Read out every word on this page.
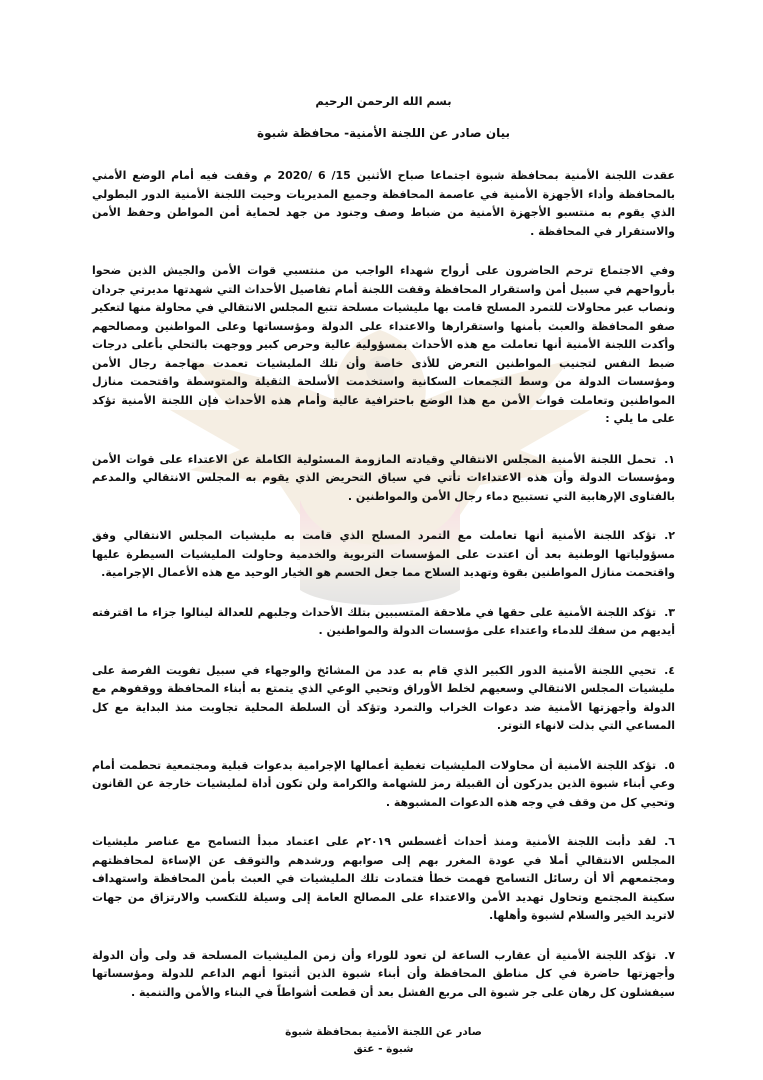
بسم الله الرحمن الرحيم

بيان صادر عن اللجنة الأمنية- محافظة شبوة

عقدت اللجنة الأمنية بمحافظة شبوة اجتماعا صباح الأثنين 15/ 6 /2020 م وقفت فيه أمام الوضع الأمني بالمحافظة وأداء الأجهزة الأمنية في عاصمة المحافظة وجميع المديريات وحيت اللجنة الأمنية الدور البطولي الذي يقوم به منتسبو الأجهزة الأمنية من ضباط وصف وجنود من جهد لحماية أمن المواطن وحفظ الأمن والاستقرار في المحافظة .

وفي الاجتماع ترحم الحاضرون على أرواح شهداء الواجب من منتسبي قوات الأمن والجيش الذين ضحوا بأرواحهم في سبيل أمن واستقرار المحافظة وقفت اللجنة أمام تفاصيل الأحداث التي شهدتها مديرتي جردان ونصاب عبر محاولات للتمرد المسلح قامت بها مليشيات مسلحة تتبع المجلس الانتقالي في محاولة منها لتعكير صفو المحافظة والعبث بأمنها واستقرارها والاعتداء على الدولة ومؤسساتها وعلى المواطنين ومصالحهم وأكدت اللجنة الأمنية أنها تعاملت مع هذه الأحداث بمسؤولية عالية وحرص كبير ووجهت بالتحلي بأعلى درجات ضبط النفس لتجنيب المواطنين التعرض للأذى خاصة وأن تلك المليشيات تعمدت مهاجمة رجال الأمن ومؤسسات الدولة من وسط التجمعات السكانية واستخدمت الأسلحة الثقيلة والمتوسطة واقتحمت منازل المواطنين وتعاملت قوات الأمن مع هذا الوضع باحترافية عالية وأمام هذه الأحداث فإن اللجنة الأمنية تؤكد على ما يلي :

١.تحمل اللجنة الأمنية المجلس الانتقالي وقيادته المازومة المسئولية الكاملة عن الاعتداء على قوات الأمن ومؤسسات الدولة وأن هذه الاعتداءات تأتي في سياق التحريض الذي يقوم به المجلس الانتقالي والمدعم بالفتاوى الإرهابية التي تستبيح دماء رجال الأمن والمواطنين .

٢.تؤكد اللجنة الأمنية أنها تعاملت مع التمرد المسلح الذي قامت به مليشيات المجلس الانتقالي وفق مسؤولياتها الوطنية بعد أن اعتدت على المؤسسات التربوية والخدمية وحاولت المليشيات السيطرة عليها واقتحمت منازل المواطنين بقوة وتهديد السلاح مما جعل الحسم هو الخيار الوحيد مع هذه الأعمال الإجرامية.

٣.تؤكد اللجنة الأمنية على حقها في ملاحقة المتسببين بتلك الأحداث وجلبهم للعدالة لينالوا جزاء ما اقترفته أيديهم من سفك للدماء واعتداء على مؤسسات الدولة والمواطنين .

٤.تحيي اللجنة الأمنية الدور الكبير الذي قام به عدد من المشائخ والوجهاء في سبيل تفويت الفرصة على مليشيات المجلس الانتقالي وسعيهم لخلط الأوراق وتحيي الوعي الذي يتمتع به أبناء المحافظة ووقفوهم مع الدولة وأجهزتها الأمنية ضد دعوات الخراب والتمرد وتؤكد أن السلطة المحلية تجاوبت منذ البداية مع كل المساعي التي بذلت لانهاء التوتر.

٥.تؤكد اللجنة الأمنية أن محاولات المليشيات تغطية أعمالها الإجرامية بدعوات قبلية ومجتمعية تحطمت أمام وعي أبناء شبوة الذين يدركون أن القبيلة رمز للشهامة والكرامة ولن تكون أداة لمليشيات خارجة عن القانون وتحيي كل من وقف في وجه هذه الدعوات المشبوهة .

٦.لقد دأبت اللجنة الأمنية ومنذ أحداث أغسطس ٢٠١٩م على اعتماد مبدأ التسامح مع عناصر مليشيات المجلس الانتقالي أملا في عودة المغرر بهم إلى صوابهم ورشدهم والتوقف عن الإساءة لمحافظتهم ومجتمعهم ألا أن رسائل التسامح فهمت خطأ فتمادت تلك المليشيات في العبث بأمن المحافظة واستهداف سكينة المجتمع وتحاول تهديد الأمن والاعتداء على المصالح العامة إلى وسيلة للتكسب والارتزاق من جهات لاتريد الخير والسلام لشبوة وأهلها.

٧.تؤكد اللجنة الأمنية أن عقارب الساعة لن تعود للوراء وأن زمن المليشيات المسلحة قد ولى وأن الدولة وأجهزتها حاضرة في كل مناطق المحافظة وأن أبناء شبوة الذين أثبتوا أنهم الداعم للدولة ومؤسساتها سيفشلون كل رهان على جر شبوة الى مربع الفشل بعد أن قطعت أشواطاً في البناء والأمن والتنمية .

صادر عن اللجنة الأمنية بمحافظة شبوة
شبوة - عتق
